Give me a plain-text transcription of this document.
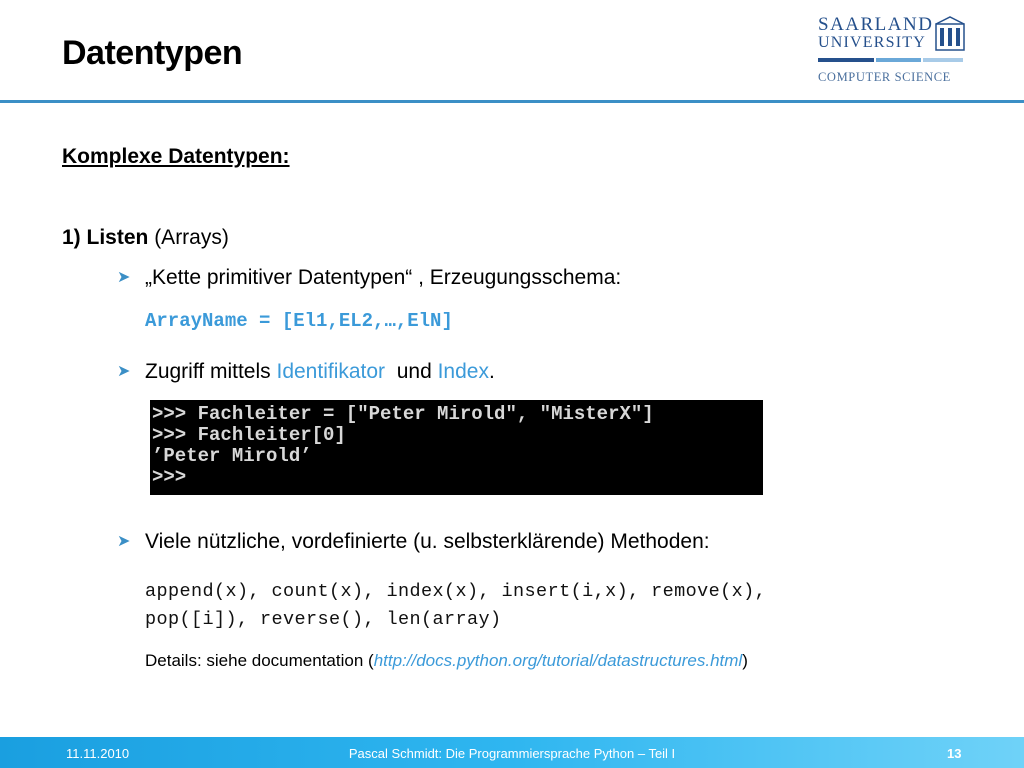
Datentypen
SAARLAND
UNIVERSITY
COMPUTER SCIENCE
Komplexe Datentypen:
1) Listen (Arrays)
➤ „Kette primitiver Datentypen“ , Erzeugungsschema:
ArrayName = [El1,EL2,…,ElN]
➤ Zugriff mittels Identifikator  und Index.
>>> Fachleiter = ["Peter Mirold", "MisterX"]
>>> Fachleiter[0]
’Peter Mirold’
>>>
➤ Viele nützliche, vordefinierte (u. selbsterklärende) Methoden:
append(x), count(x), index(x), insert(i,x), remove(x),
pop([i]), reverse(), len(array)
Details: siehe documentation (http://docs.python.org/tutorial/datastructures.html)
11.11.2010	Pascal Schmidt: Die Programmiersprache Python – Teil I	13
